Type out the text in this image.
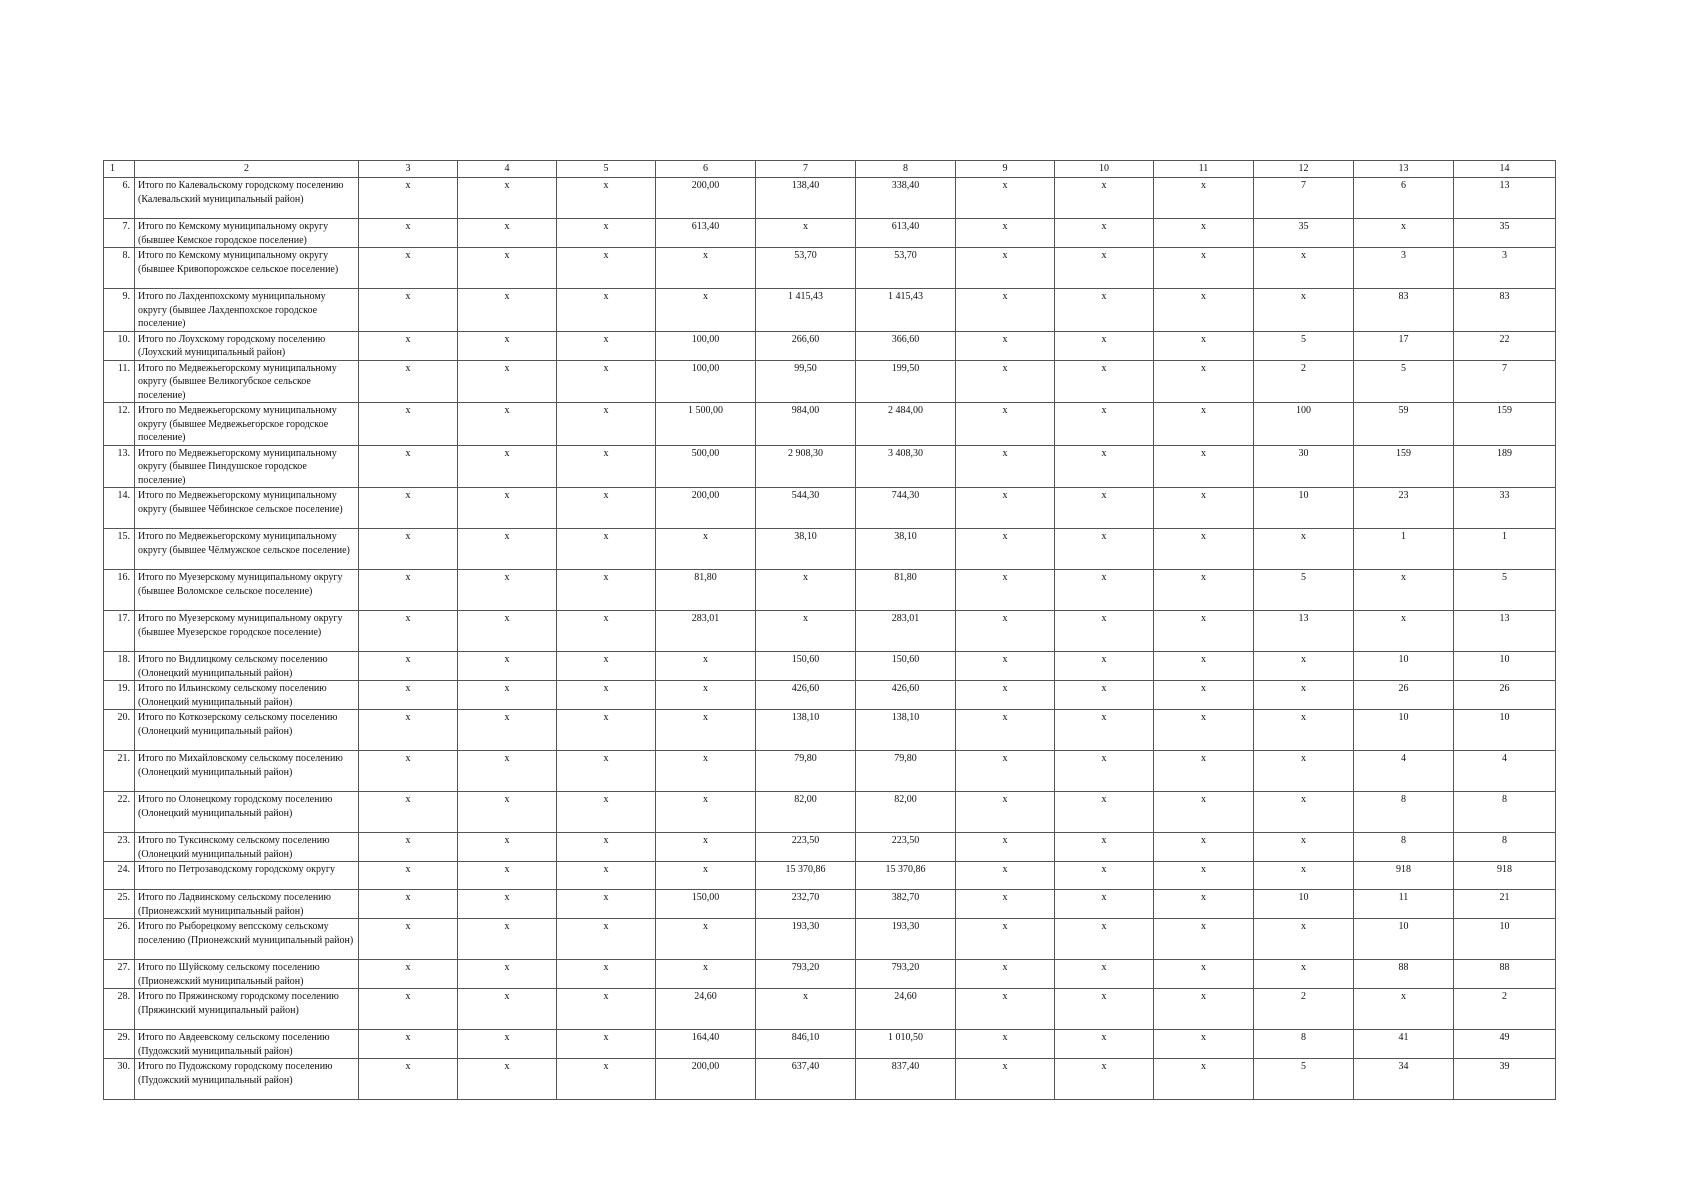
1	2	3	4	5	6	7	8	9	10	11	12	13	14
6.	Итого по Калевальскому городскому поселению (Калевальский муниципальный район)	х	х	х	200,00	138,40	338,40	х	х	х	7	6	13
7.	Итого по Кемскому муниципальному округу (бывшее Кемское городское поселение)	х	х	х	613,40	х	613,40	х	х	х	35	х	35
8.	Итого по Кемскому муниципальному округу (бывшее Кривопорожское сельское поселение)	х	х	х	х	53,70	53,70	х	х	х	х	3	3
9.	Итого по Лахденпохскому муниципальному округу (бывшее Лахденпохское городское поселение)	х	х	х	х	1 415,43	1 415,43	х	х	х	х	83	83
10.	Итого по Лоухскому городскому поселению (Лоухский муниципальный район)	х	х	х	100,00	266,60	366,60	х	х	х	5	17	22
11.	Итого по Медвежьегорскому муниципальному округу (бывшее Великогубское сельское поселение)	х	х	х	100,00	99,50	199,50	х	х	х	2	5	7
12.	Итого по Медвежьегорскому муниципальному округу (бывшее Медвежьегорское городское поселение)	х	х	х	1 500,00	984,00	2 484,00	х	х	х	100	59	159
13.	Итого по Медвежьегорскому муниципальному округу (бывшее Пиндушское городское поселение)	х	х	х	500,00	2 908,30	3 408,30	х	х	х	30	159	189
14.	Итого по Медвежьегорскому муниципальному округу (бывшее Чёбинское сельское поселение)	х	х	х	200,00	544,30	744,30	х	х	х	10	23	33
15.	Итого по Медвежьегорскому муниципальному округу (бывшее Чёлмужское сельское поселение)	х	х	х	х	38,10	38,10	х	х	х	х	1	1
16.	Итого по Муезерскому муниципальному округу (бывшее Воломское сельское поселение)	х	х	х	81,80	х	81,80	х	х	х	5	х	5
17.	Итого по Муезерскому муниципальному округу (бывшее Муезерское городское поселение)	х	х	х	283,01	х	283,01	х	х	х	13	х	13
18.	Итого по Видлицкому сельскому поселению (Олонецкий муниципальный район)	х	х	х	х	150,60	150,60	х	х	х	х	10	10
19.	Итого по Ильинскому сельскому поселению (Олонецкий муниципальный район)	х	х	х	х	426,60	426,60	х	х	х	х	26	26
20.	Итого по Коткозерскому сельскому поселению (Олонецкий муниципальный район)	х	х	х	х	138,10	138,10	х	х	х	х	10	10
21.	Итого по Михайловскому сельскому поселению (Олонецкий муниципальный район)	х	х	х	х	79,80	79,80	х	х	х	х	4	4
22.	Итого по Олонецкому городскому поселению (Олонецкий муниципальный район)	х	х	х	х	82,00	82,00	х	х	х	х	8	8
23.	Итого по Туксинскому сельскому поселению (Олонецкий муниципальный район)	х	х	х	х	223,50	223,50	х	х	х	х	8	8
24.	Итого по Петрозаводскому городскому округу	х	х	х	х	15 370,86	15 370,86	х	х	х	х	918	918
25.	Итого по Ладвинскому сельскому поселению (Прионежский муниципальный район)	х	х	х	150,00	232,70	382,70	х	х	х	10	11	21
26.	Итого по Рыборецкому вепсскому сельскому поселению (Прионежский муниципальный район)	х	х	х	х	193,30	193,30	х	х	х	х	10	10
27.	Итого по Шуйскому сельскому поселению (Прионежский муниципальный район)	х	х	х	х	793,20	793,20	х	х	х	х	88	88
28.	Итого по Пряжинскому городскому поселению (Пряжинский муниципальный район)	х	х	х	24,60	х	24,60	х	х	х	2	х	2
29.	Итого по Авдеевскому сельскому поселению (Пудожский муниципальный район)	х	х	х	164,40	846,10	1 010,50	х	х	х	8	41	49
30.	Итого по Пудожскому городскому поселению (Пудожский муниципальный район)	х	х	х	200,00	637,40	837,40	х	х	х	5	34	39
